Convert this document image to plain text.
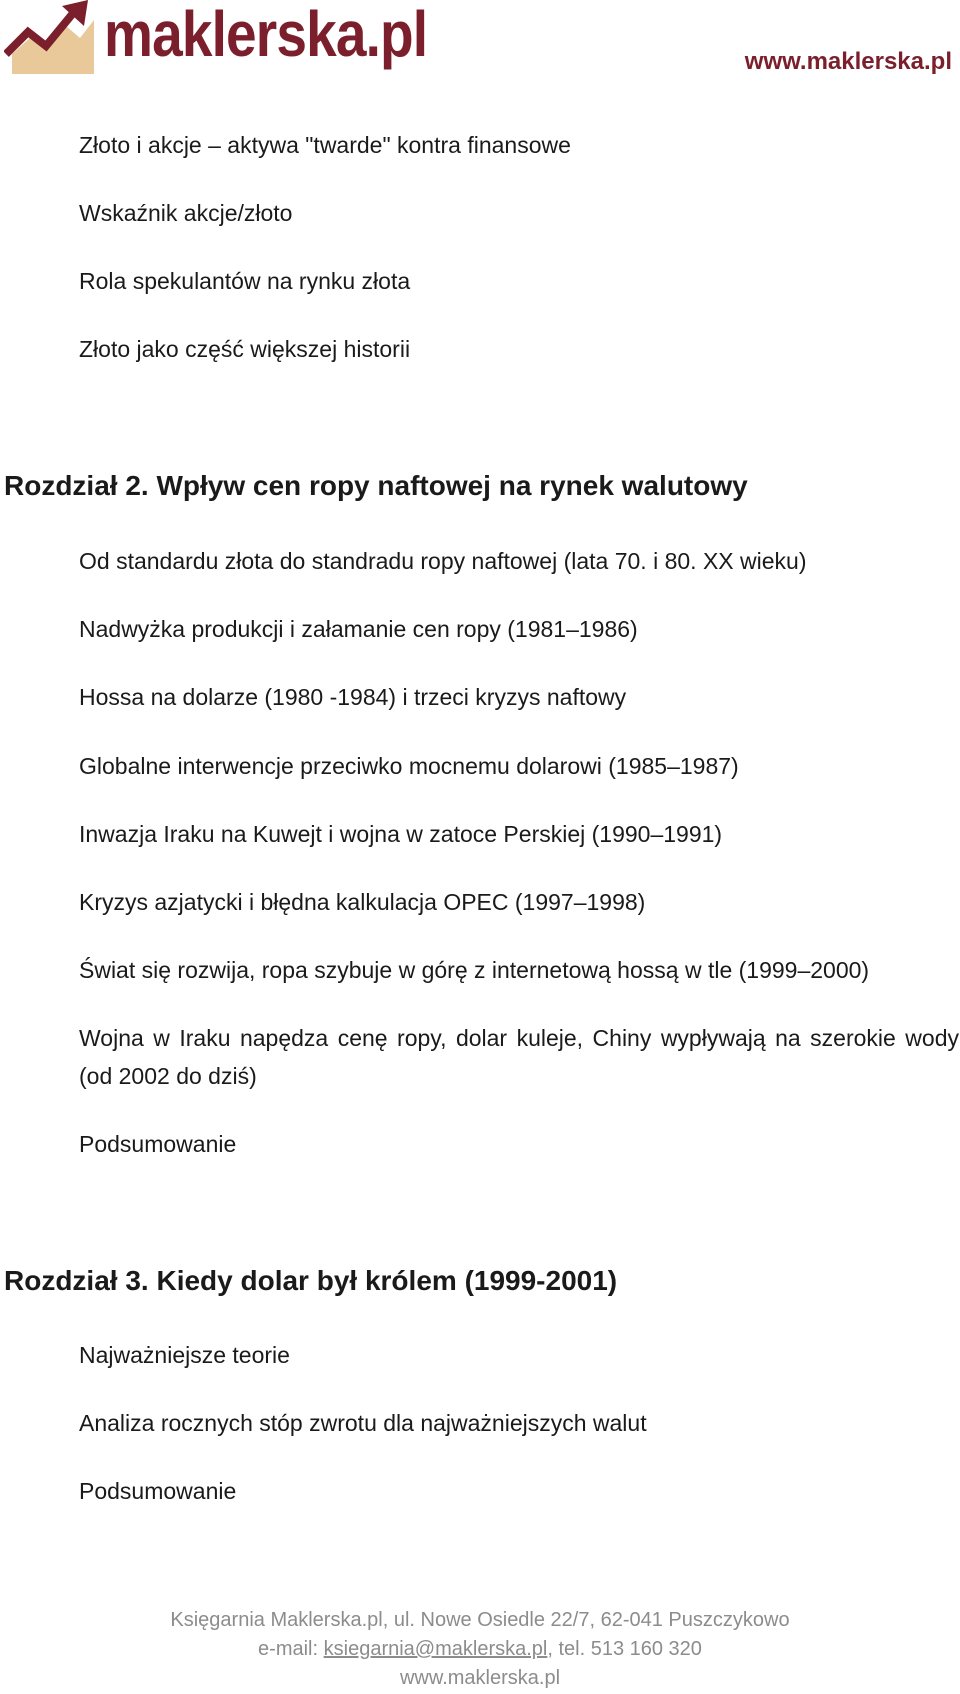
maklerska.pl	www.maklerska.pl
Złoto i akcje – aktywa "twarde" kontra finansowe
Wskaźnik akcje/złoto
Rola spekulantów na rynku złota
Złoto jako część większej historii
Rozdział 2. Wpływ cen ropy naftowej na rynek walutowy
Od standardu złota do standradu ropy naftowej (lata 70. i 80. XX wieku)
Nadwyżka produkcji i załamanie cen ropy (1981–1986)
Hossa na dolarze (1980 -1984) i trzeci kryzys naftowy
Globalne interwencje przeciwko mocnemu dolarowi (1985–1987)
Inwazja Iraku na Kuwejt i wojna w zatoce Perskiej (1990–1991)
Kryzys azjatycki i błędna kalkulacja OPEC (1997–1998)
Świat się rozwija, ropa szybuje w górę z internetową hossą w tle (1999–2000)
Wojna w Iraku napędza cenę ropy, dolar kuleje, Chiny wypływają na szerokie wody (od 2002 do dziś)
Podsumowanie
Rozdział 3. Kiedy dolar był królem (1999-2001)
Najważniejsze teorie
Analiza rocznych stóp zwrotu dla najważniejszych walut
Podsumowanie
Księgarnia Maklerska.pl, ul. Nowe Osiedle 22/7, 62-041 Puszczykowo
e-mail: ksiegarnia@maklerska.pl, tel. 513 160 320
www.maklerska.pl
